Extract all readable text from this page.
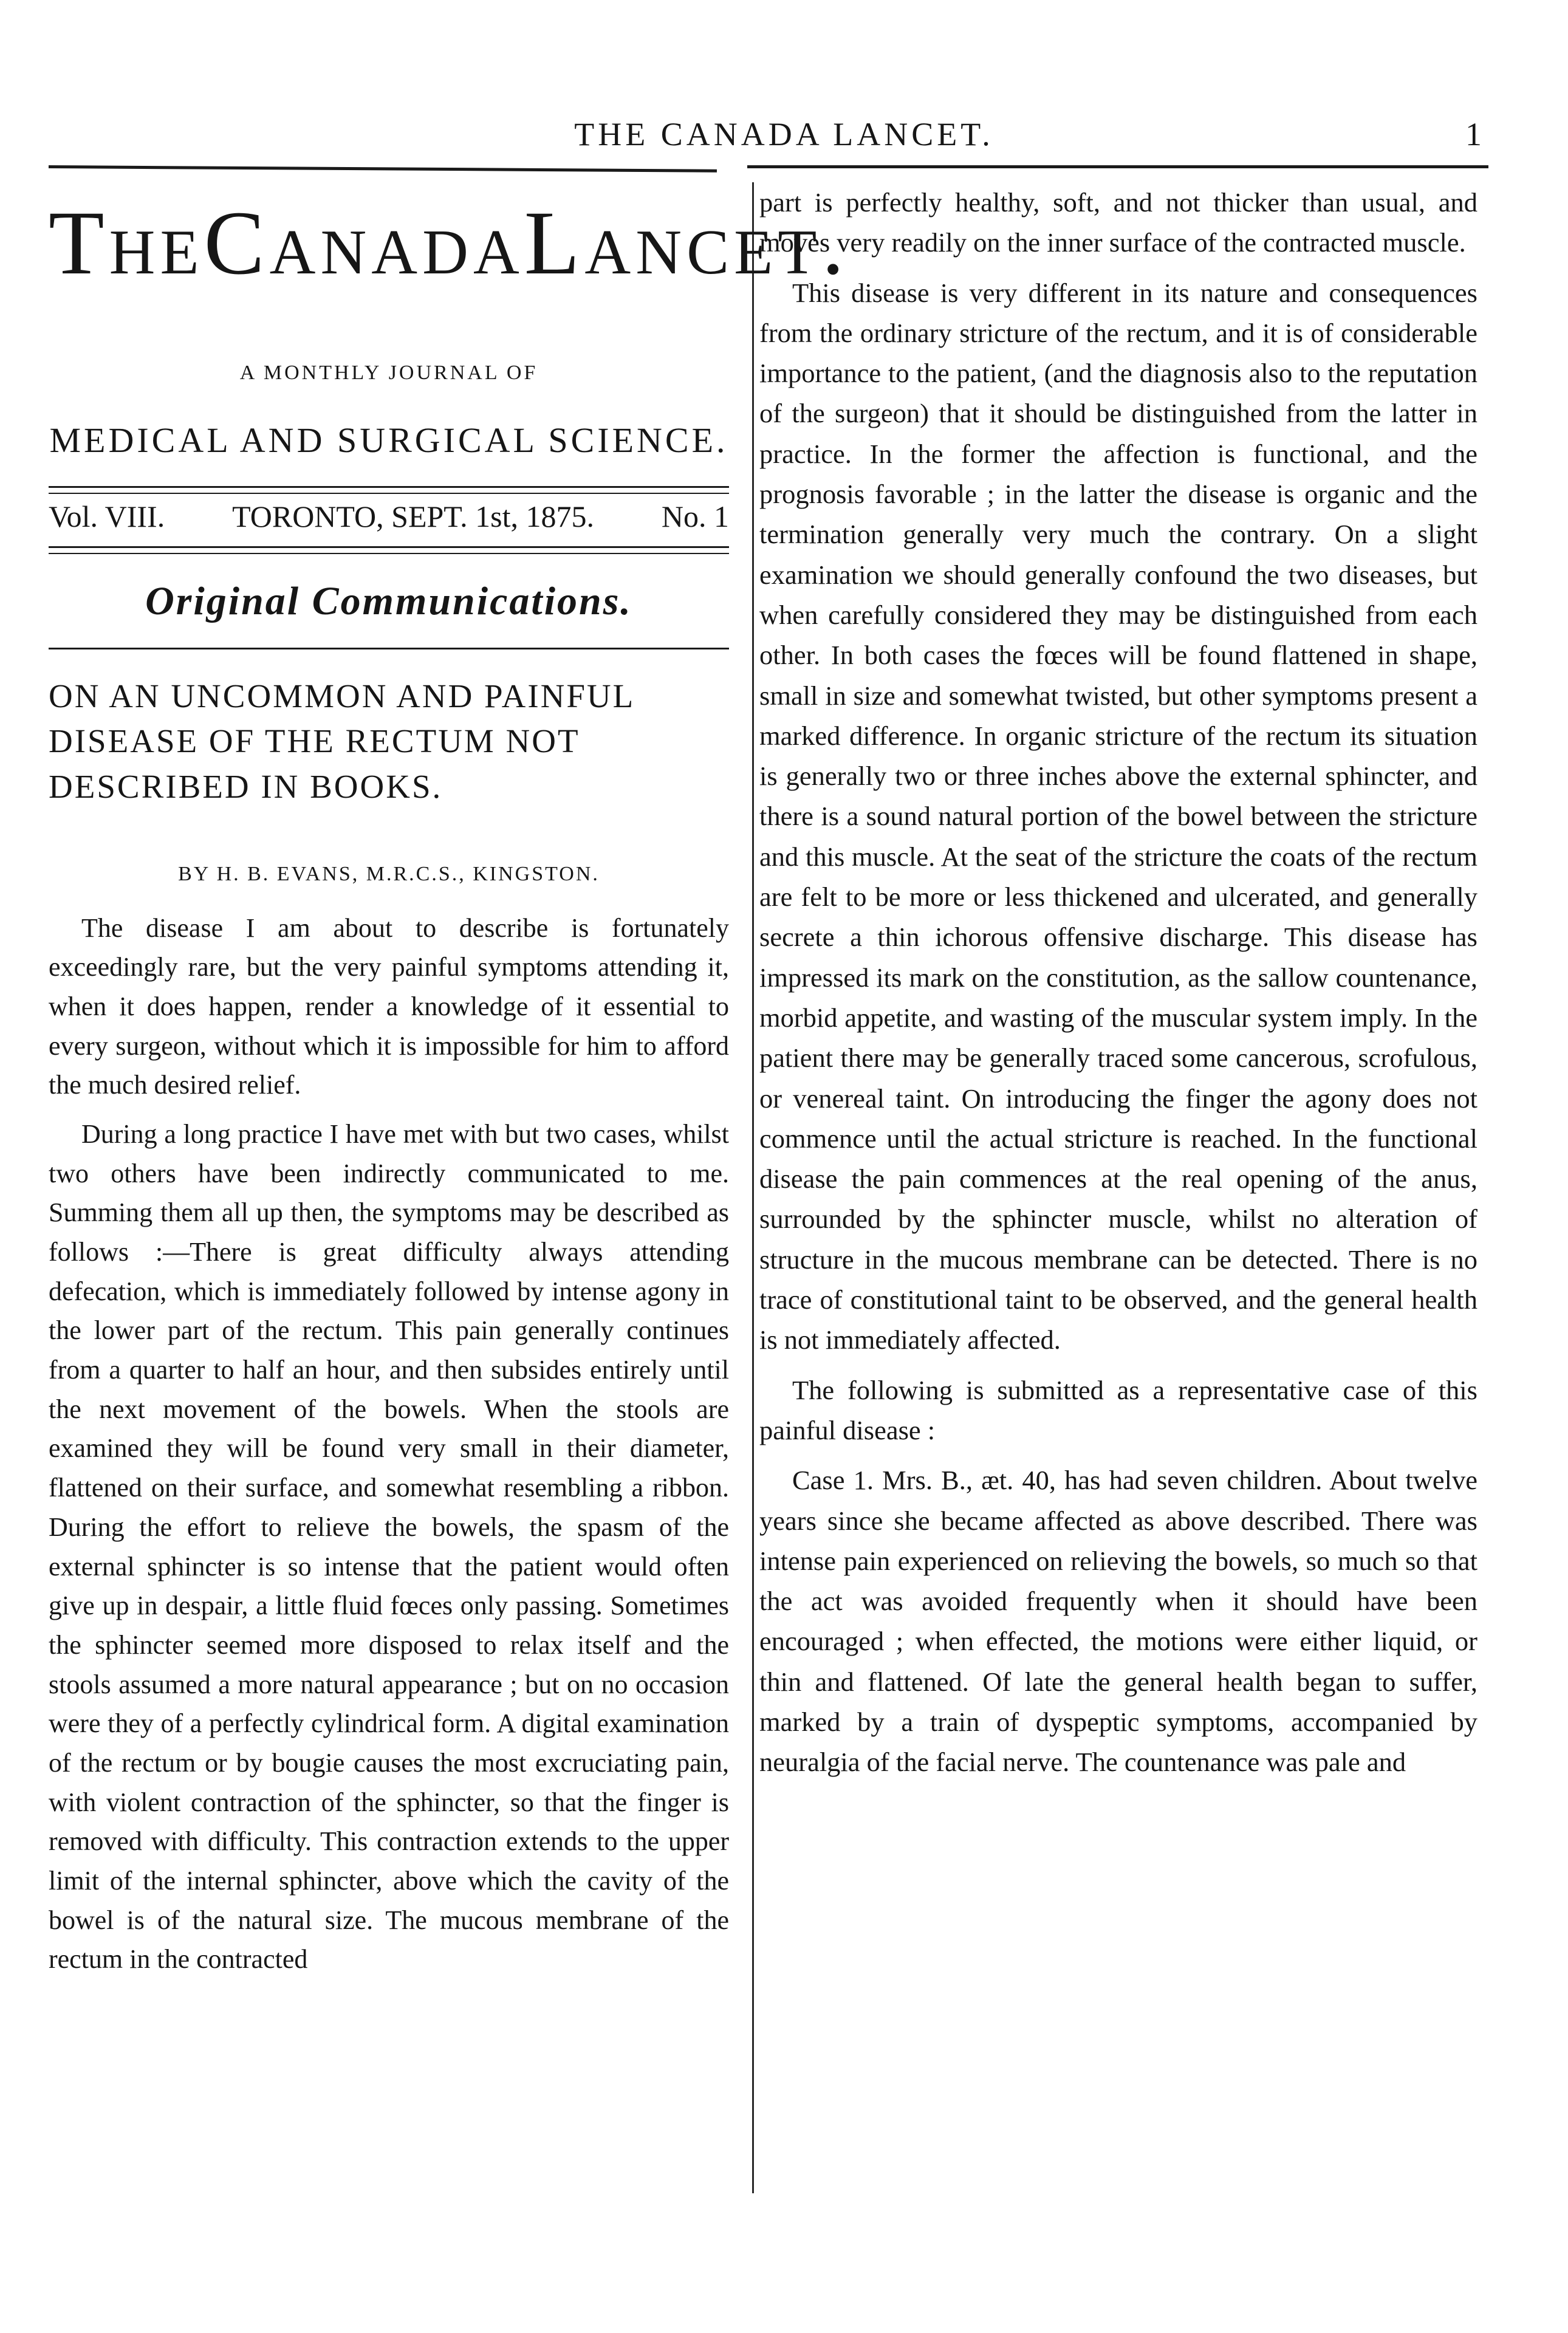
THE CANADA LANCET.	1
The Canada Lancet.
A MONTHLY JOURNAL OF
MEDICAL AND SURGICAL SCIENCE.
Vol. VIII. TORONTO, SEPT. 1st, 1875. No. 1
Original Communications.
ON AN UNCOMMON AND PAINFUL DISEASE OF THE RECTUM NOT DESCRIBED IN BOOKS.
BY H. B. EVANS, M.R.C.S., KINGSTON.

The disease I am about to describe is fortunately exceedingly rare, but the very painful symptoms attending it, when it does happen, render a knowledge of it essential to every surgeon, without which it is impossible for him to afford the much desired relief.

During a long practice I have met with but two cases, whilst two others have been indirectly communicated to me. Summing them all up then, the symptoms may be described as follows :—There is great difficulty always attending defecation, which is immediately followed by intense agony in the lower part of the rectum. This pain generally continues from a quarter to half an hour, and then subsides entirely until the next movement of the bowels. When the stools are examined they will be found very small in their diameter, flattened on their surface, and somewhat resembling a ribbon. During the effort to relieve the bowels, the spasm of the external sphincter is so intense that the patient would often give up in despair, a little fluid fœces only passing. Sometimes the sphincter seemed more disposed to relax itself and the stools assumed a more natural appearance ; but on no occasion were they of a perfectly cylindrical form. A digital examination of the rectum or by bougie causes the most excruciating pain, with violent contraction of the sphincter, so that the finger is removed with difficulty. This contraction extends to the upper limit of the internal sphincter, above which the cavity of the bowel is of the natural size. The mucous membrane of the rectum in the contracted

part is perfectly healthy, soft, and not thicker than usual, and moves very readily on the inner surface of the contracted muscle.

This disease is very different in its nature and consequences from the ordinary stricture of the rectum, and it is of considerable importance to the patient, (and the diagnosis also to the reputation of the surgeon) that it should be distinguished from the latter in practice. In the former the affection is functional, and the prognosis favorable ; in the latter the disease is organic and the termination generally very much the contrary. On a slight examination we should generally confound the two diseases, but when carefully considered they may be distinguished from each other. In both cases the fœces will be found flattened in shape, small in size and somewhat twisted, but other symptoms present a marked difference. In organic stricture of the rectum its situation is generally two or three inches above the external sphincter, and there is a sound natural portion of the bowel between the stricture and this muscle. At the seat of the stricture the coats of the rectum are felt to be more or less thickened and ulcerated, and generally secrete a thin ichorous offensive discharge. This disease has impressed its mark on the constitution, as the sallow countenance, morbid appetite, and wasting of the muscular system imply. In the patient there may be generally traced some cancerous, scrofulous, or venereal taint. On introducing the finger the agony does not commence until the actual stricture is reached. In the functional disease the pain commences at the real opening of the anus, surrounded by the sphincter muscle, whilst no alteration of structure in the mucous membrane can be detected. There is no trace of constitutional taint to be observed, and the general health is not immediately affected.

The following is submitted as a representative case of this painful disease :

Case 1. Mrs. B., æt. 40, has had seven children. About twelve years since she became affected as above described. There was intense pain experienced on relieving the bowels, so much so that the act was avoided frequently when it should have been encouraged ; when effected, the motions were either liquid, or thin and flattened. Of late the general health began to suffer, marked by a train of dyspeptic symptoms, accompanied by neuralgia of the facial nerve. The countenance was pale and
